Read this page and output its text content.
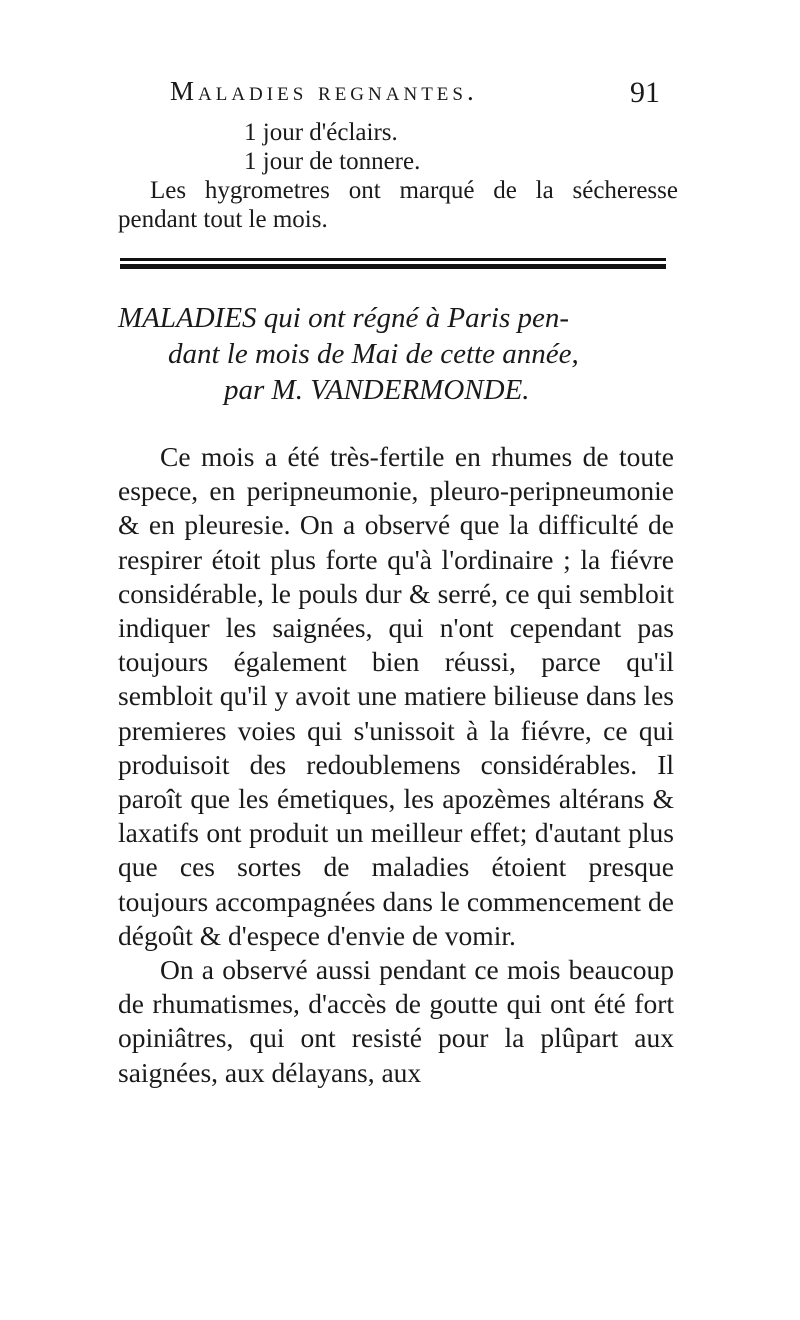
Maladies regnantes.	91
1 jour d'éclairs.
1 jour de tonnere.
Les hygrometres ont marqué de la sécheresse pendant tout le mois.
MALADIES qui ont régné à Paris pen-
dant le mois de Mai de cette année,
par M. VANDERMONDE.

Ce mois a été très-fertile en rhumes de toute espece, en peripneumonie, pleuro-peripneumonie & en pleuresie. On a observé que la difficulté de respirer étoit plus forte qu'à l'ordinaire ; la fiévre considérable, le pouls dur & serré, ce qui sembloit indiquer les saignées, qui n'ont cependant pas toujours également bien réussi, parce qu'il sembloit qu'il y avoit une matiere bilieuse dans les premieres voies qui s'unissoit à la fiévre, ce qui produisoit des redoublemens considérables. Il paroît que les émetiques, les apozèmes altérans & laxatifs ont produit un meilleur effet; d'autant plus que ces sortes de maladies étoient presque toujours accompagnées dans le commencement de dégoût & d'espece d'envie de vomir.

On a observé aussi pendant ce mois beaucoup de rhumatismes, d'accès de goutte qui ont été fort opiniâtres, qui ont resisté pour la plûpart aux saignées, aux délayans, aux
